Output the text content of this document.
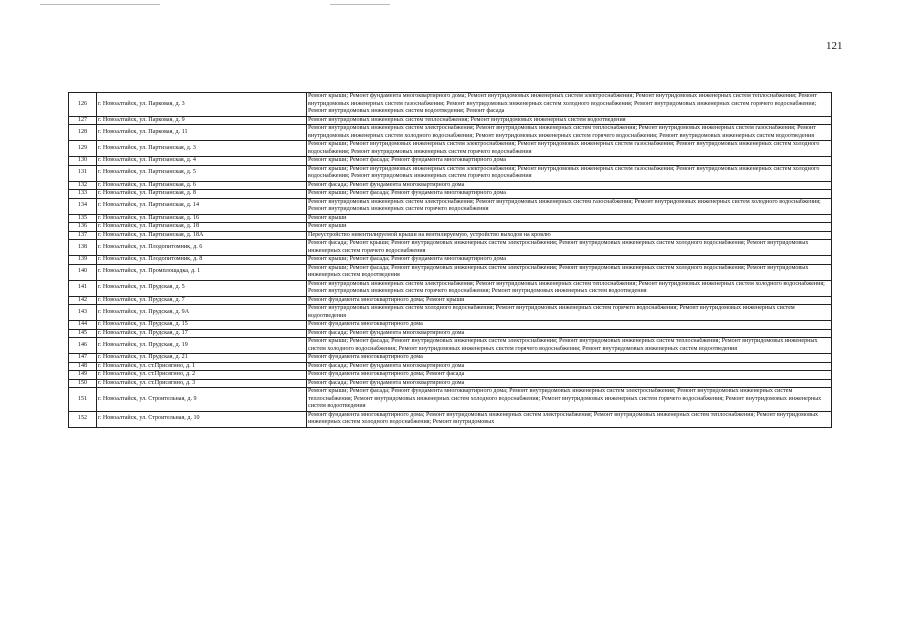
121
126	г. Новоалтайск, ул. Парковая, д. 3	Ремонт крыши; Ремонт фундамента многоквартирного дома; Ремонт внутридомовых инженерных систем электроснабжения; Ремонт внутридомовых инженерных систем теплоснабжения; Ремонт внутридомовых инженерных систем газоснабжения; Ремонт внутридомовых инженерных систем холодного водоснабжения; Ремонт внутридомовых инженерных систем горячего водоснабжения; Ремонт внутридомовых инженерных систем водоотведения; Ремонт фасада
127	г. Новоалтайск, ул. Парковая, д. 9	Ремонт внутридомовых инженерных систем теплоснабжения; Ремонт внутридомовых инженерных систем водоотведения
128	г. Новоалтайск, ул. Парковая, д. 11	Ремонт внутридомовых инженерных систем электроснабжения; Ремонт внутридомовых инженерных систем теплоснабжения; Ремонт внутридомовых инженерных систем газоснабжения; Ремонт внутридомовых инженерных систем холодного водоснабжения; Ремонт внутридомовых инженерных систем горячего водоснабжения; Ремонт внутридомовых инженерных систем водоотведения
129	г. Новоалтайск, ул. Партизанская, д. 3	Ремонт крыши; Ремонт внутридомовых инженерных систем электроснабжения; Ремонт внутридомовых инженерных систем газоснабжения; Ремонт внутридомовых инженерных систем холодного водоснабжения; Ремонт внутридомовых инженерных систем горячего водоснабжения
130	г. Новоалтайск, ул. Партизанская, д. 4	Ремонт крыши; Ремонт фасада; Ремонт фундамента многоквартирного дома
131	г. Новоалтайск, ул. Партизанская, д. 5	Ремонт крыши; Ремонт внутридомовых инженерных систем электроснабжения; Ремонт внутридомовых инженерных систем газоснабжения; Ремонт внутридомовых инженерных систем холодного водоснабжения; Ремонт внутридомовых инженерных систем горячего водоснабжения
132	г. Новоалтайск, ул. Партизанская, д. 6	Ремонт фасада; Ремонт фундамента многоквартирного дома
133	г. Новоалтайск, ул. Партизанская, д. 8	Ремонт крыши; Ремонт фасада; Ремонт фундамента многоквартирного дома
134	г. Новоалтайск, ул. Партизанская, д. 14	Ремонт внутридомовых инженерных систем электроснабжения; Ремонт внутридомовых инженерных систем газоснабжения; Ремонт внутридомовых инженерных систем холодного водоснабжения; Ремонт внутридомовых инженерных систем горячего водоснабжения
135	г. Новоалтайск, ул. Партизанская, д. 16	Ремонт крыши
136	г. Новоалтайск, ул. Партизанская, д. 18	Ремонт крыши
137	г. Новоалтайск, ул. Партизанская, д. 18А	Переустройство невентилируемой крыши на вентилируемую, устройство выходов на кровлю
138	г. Новоалтайск, ул. Плодопитомник, д. 6	Ремонт фасада; Ремонт крыши; Ремонт внутридомовых инженерных систем электроснабжения; Ремонт внутридомовых инженерных систем холодного водоснабжения; Ремонт внутридомовых инженерных систем горячего водоснабжения
139	г. Новоалтайск, ул. Плодопитомник, д. 8	Ремонт крыши; Ремонт фасада; Ремонт фундамента многоквартирного дома
140	г. Новоалтайск, ул. Промплощадка, д. 1	Ремонт крыши; Ремонт фасада; Ремонт внутридомовых инженерных систем электроснабжения; Ремонт внутридомовых инженерных систем холодного водоснабжения; Ремонт внутридомовых инженерных систем водоотведения
141	г. Новоалтайск, ул. Прудская, д. 5	Ремонт внутридомовых инженерных систем электроснабжения; Ремонт внутридомовых инженерных систем теплоснабжения; Ремонт внутридомовых инженерных систем холодного водоснабжения; Ремонт внутридомовых инженерных систем горячего водоснабжения; Ремонт внутридомовых инженерных систем водоотведения
142	г. Новоалтайск, ул. Прудская, д. 7	Ремонт фундамента многоквартирного дома; Ремонт крыши
143	г. Новоалтайск, ул. Прудская, д. 9А	Ремонт внутридомовых инженерных систем холодного водоснабжения; Ремонт внутридомовых инженерных систем горячего водоснабжения; Ремонт внутридомовых инженерных систем водоотведения
144	г. Новоалтайск, ул. Прудская, д. 15	Ремонт фундамента многоквартирного дома
145	г. Новоалтайск, ул. Прудская, д. 17	Ремонт фасада; Ремонт фундамента многоквартирного дома
146	г. Новоалтайск, ул. Прудская, д. 19	Ремонт крыши; Ремонт фасада; Ремонт внутридомовых инженерных систем электроснабжения; Ремонт внутридомовых инженерных систем теплоснабжения; Ремонт внутридомовых инженерных систем холодного водоснабжения; Ремонт внутридомовых инженерных систем горячего водоснабжения; Ремонт внутридомовых инженерных систем водоотведения
147	г. Новоалтайск, ул. Прудская, д. 21	Ремонт фундамента многоквартирного дома
148	г. Новоалтайск, ул. ст.Присягино, д. 1	Ремонт фасада; Ремонт фундамента многоквартирного дома
149	г. Новоалтайск, ул. ст.Присягино, д. 2	Ремонт фундамента многоквартирного дома; Ремонт фасада
150	г. Новоалтайск, ул. ст.Присягино, д. 3	Ремонт фасада; Ремонт фундамента многоквартирного дома
151	г. Новоалтайск, ул. Строительная, д. 9	Ремонт крыши; Ремонт фасада; Ремонт фундамента многоквартирного дома; Ремонт внутридомовых инженерных систем электроснабжения; Ремонт внутридомовых инженерных систем теплоснабжения; Ремонт внутридомовых инженерных систем холодного водоснабжения; Ремонт внутридомовых инженерных систем горячего водоснабжения; Ремонт внутридомовых инженерных систем водоотведения
152	г. Новоалтайск, ул. Строительная, д. 10	Ремонт фундамента многоквартирного дома; Ремонт внутридомовых инженерных систем электроснабжения; Ремонт внутридомовых инженерных систем теплоснабжения; Ремонт внутридомовых инженерных систем холодного водоснабжения; Ремонт внутридомовых
